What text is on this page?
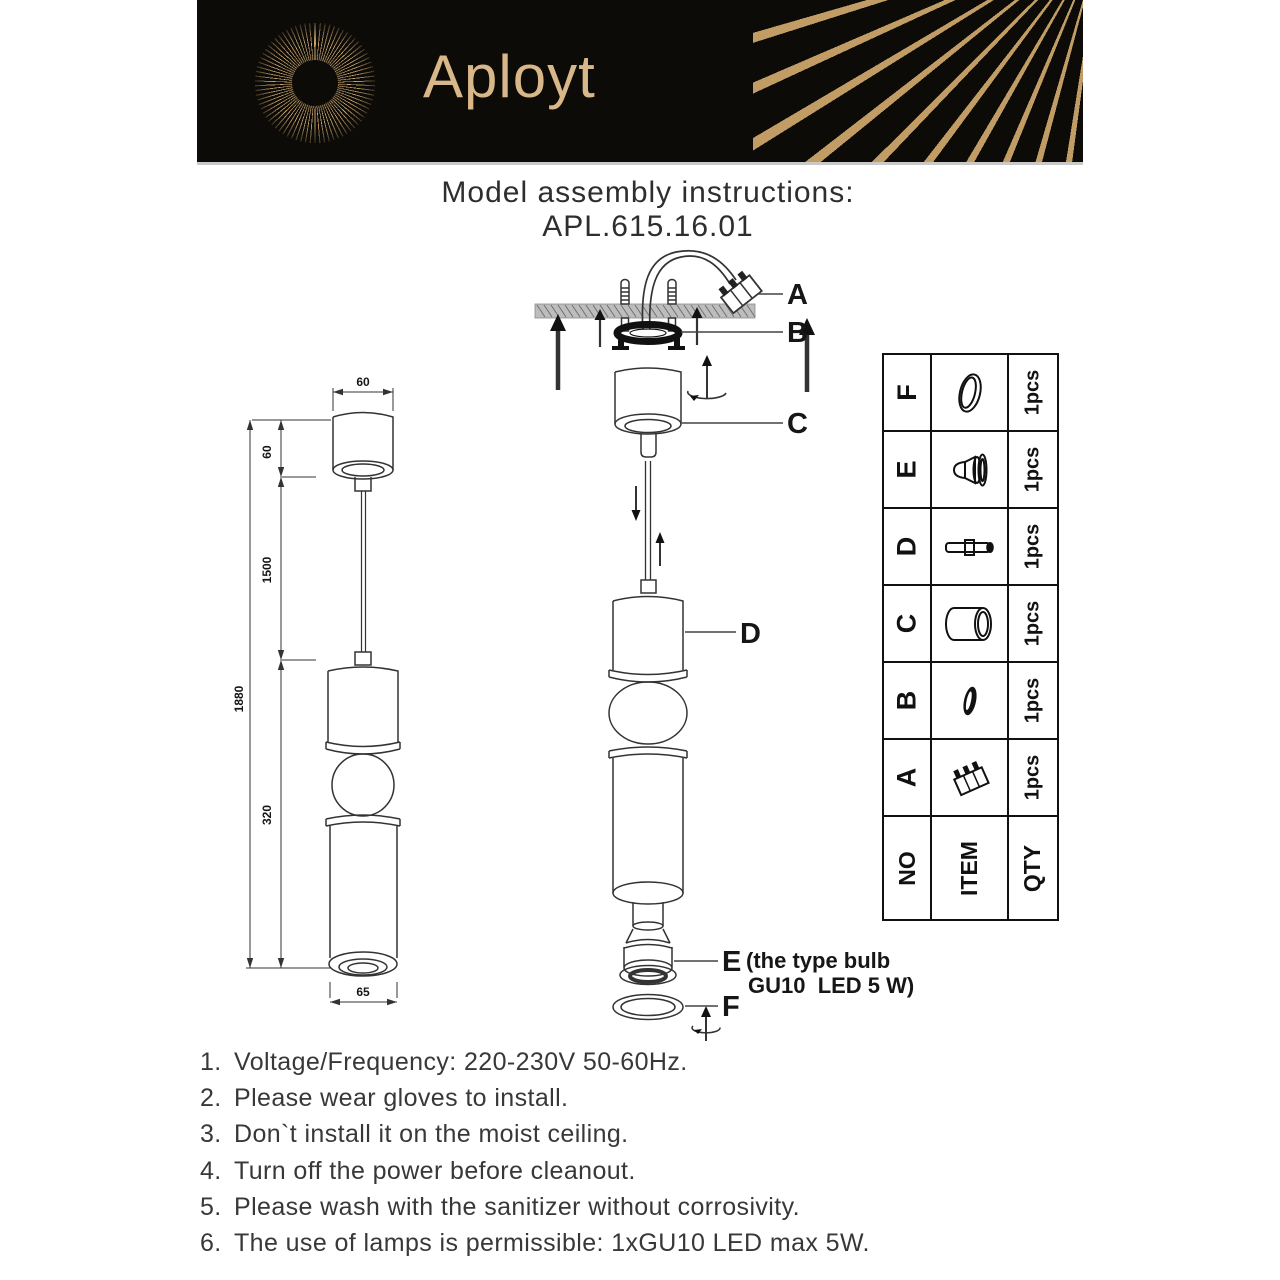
Aployt
Model assembly instructions:
APL.615.16.01
60
60
1500
1880
320
65
A
B
C
D
E
F
(the type bulb
GU10  LED 5 W)
F	1pcs
E	1pcs
D	1pcs
C	1pcs
B	1pcs
A	1pcs
NO ITEM QTY
1. Voltage/Frequency: 220-230V 50-60Hz.
2. Please wear gloves to install.
3. Don`t install it on the moist ceiling.
4. Turn off the power before cleanout.
5. Please wash with the sanitizer without corrosivity.
6. The use of lamps is permissible: 1xGU10 LED max 5W.
